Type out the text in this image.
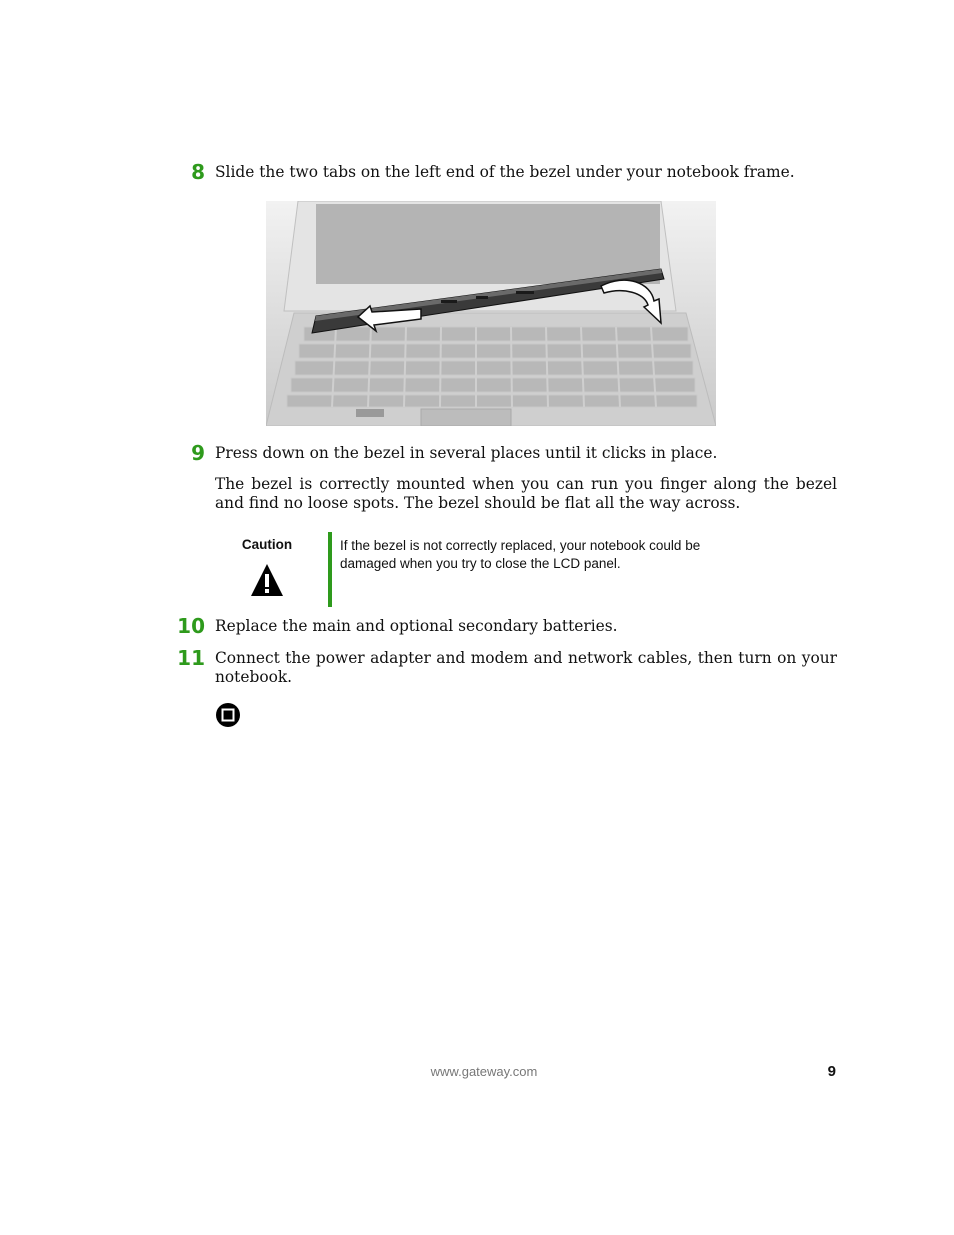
8 Slide the two tabs on the left end of the bezel under your notebook frame.
9 Press down on the bezel in several places until it clicks in place.
The bezel is correctly mounted when you can run you finger along the bezel and find no loose spots. The bezel should be flat all the way across.
Caution	If the bezel is not correctly replaced, your notebook could be damaged when you try to close the LCD panel.
10 Replace the main and optional secondary batteries.
11 Connect the power adapter and modem and network cables, then turn on your notebook.
www.gateway.com	9
